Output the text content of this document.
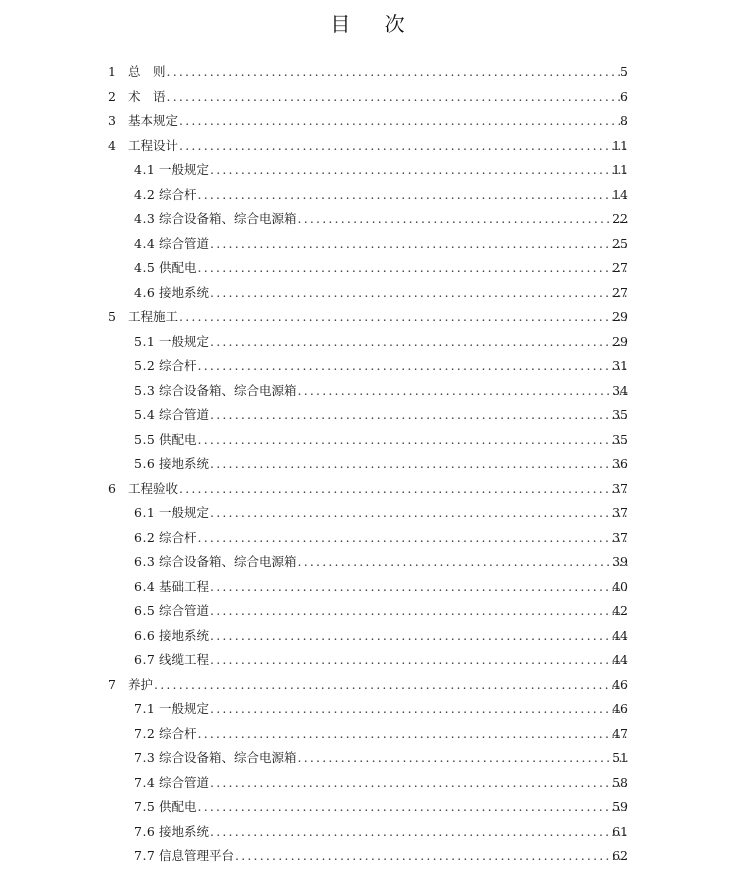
目 次
1 总　则 .....	5
2 术　语 .....	6
3 基本规定 .....	8
4 工程设计 .....	11
4.1 一般规定 .....	11
4.2 综合杆 .....	14
4.3 综合设备箱、综合电源箱 .....	22
4.4 综合管道 .....	25
4.5 供配电 .....	27
4.6 接地系统 .....	27
5 工程施工 .....	29
5.1 一般规定 .....	29
5.2 综合杆 .....	31
5.3 综合设备箱、综合电源箱 .....	34
5.4 综合管道 .....	35
5.5 供配电 .....	35
5.6 接地系统 .....	36
6 工程验收 .....	37
6.1 一般规定 .....	37
6.2 综合杆 .....	37
6.3 综合设备箱、综合电源箱 .....	39
6.4 基础工程 .....	40
6.5 综合管道 .....	42
6.6 接地系统 .....	44
6.7 线缆工程 .....	44
7 养护 .....	46
7.1 一般规定 .....	46
7.2 综合杆 .....	47
7.3 综合设备箱、综合电源箱 .....	51
7.4 综合管道 .....	58
7.5 供配电 .....	59
7.6 接地系统 .....	61
7.7 信息管理平台 .....	62
